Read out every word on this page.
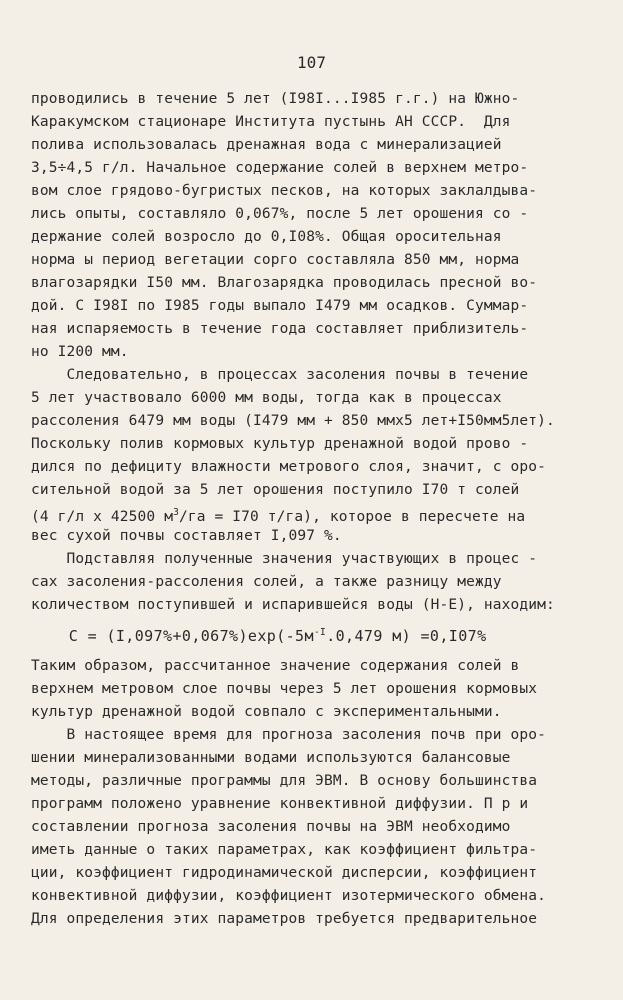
107
проводились в течение 5 лет (I98I...I985 г.г.) на Южно-
Каракумском стационаре Института пустынь АН СССР.  Для
полива использовалась дренажная вода с минерализацией
3,5÷4,5 г/л. Начальное содержание солей в верхнем метро-
вом слое грядово-бугристых песков, на которых заклалдыва-
лись опыты, составляло 0,067%, после 5 лет орошения со -
держание солей возросло до 0,I08%. Общая оросительная
норма ы период вегетации сорго составляла 850 мм, норма
влагозарядки I50 мм. Влагозарядка проводилась пресной во-
дой. С I98I по I985 годы выпало I479 мм осадков. Суммар-
ная испаряемость в течение года составляет приблизитель-
но I200 мм.
Следовательно, в процессах засоления почвы в течение
5 лет участвовало 6000 мм воды, тогда как в процессах
рассоления 6479 мм воды (I479 мм + 850 ммх5 лет+I50мм5лет).
Поскольку полив кормовых культур дренажной водой прово -
дился по дефициту влажности метрового слоя, значит, с оро-
сительной водой за 5 лет орошения поступило I70 т солей
(4 г/л х 42500 $м^3/га = I70$ т/га), которое в пересчете на
вес сухой почвы составляет I,097 %.
Подставляя полученные значения участвующих в процес -
сах засоления-рассоления солей, а также разницу между
количеством поступившей и испарившейся воды (Н-Е), находим:
$С = (I,097\%+0,067\%)\exp(-5м^{-I}.0,479$ м) =0,I07%
Таким образом, рассчитанное значение содержания солей в
верхнем метровом слое почвы через 5 лет орошения кормовых
культур дренажной водой совпало с экспериментальными.
В настоящее время для прогноза засоления почв при оро-
шении минерализованными водами используются балансовые
методы, различные программы для ЭВМ. В основу большинства
программ положено уравнение конвективной диффузии. П р и
составлении прогноза засоления почвы на ЭВМ необходимо
иметь данные о таких параметрах, как коэффициент фильтра-
ции, коэффициент гидродинамической дисперсии, коэффициент
конвективной диффузии, коэффициент изотермического обмена.
Для определения этих параметров требуется предварительное
